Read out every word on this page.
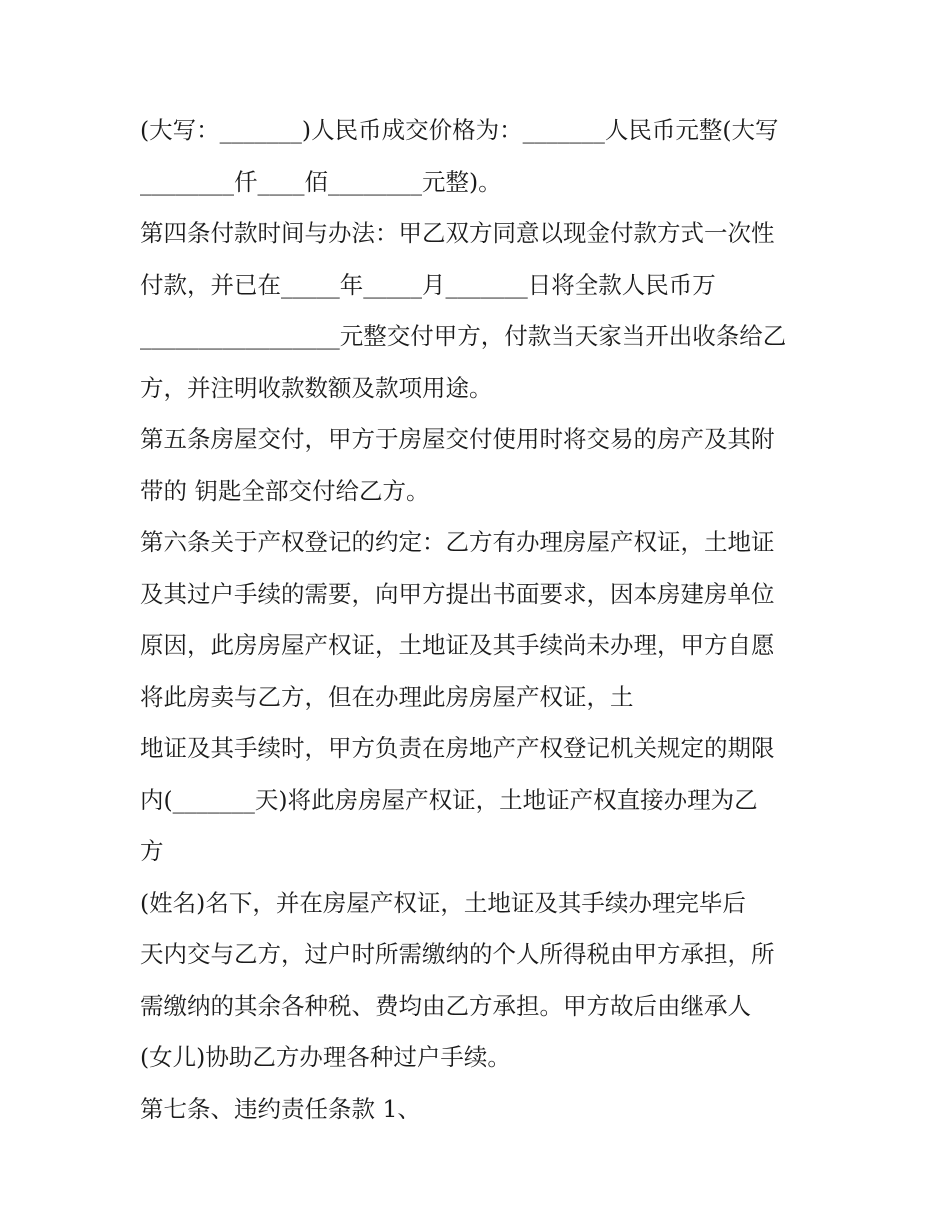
(大写：_______)人民币成交价格为：_______人民币元整(大写
________仟____佰________元整)。
第四条付款时间与办法：甲乙双方同意以现金付款方式一次性
付款，并已在_____年_____月_______日将全款人民币万
_________________元整交付甲方，付款当天家当开出收条给乙
方，并注明收款数额及款项用途。
第五条房屋交付，甲方于房屋交付使用时将交易的房产及其附
带的 钥匙全部交付给乙方。
第六条关于产权登记的约定：乙方有办理房屋产权证，土地证
及其过户手续的需要，向甲方提出书面要求，因本房建房单位
原因，此房房屋产权证，土地证及其手续尚未办理，甲方自愿
将此房卖与乙方，但在办理此房房屋产权证，土
地证及其手续时，甲方负责在房地产产权登记机关规定的期限
内(_______天)将此房房屋产权证，土地证产权直接办理为乙
方
(姓名)名下，并在房屋产权证，土地证及其手续办理完毕后
天内交与乙方，过户时所需缴纳的个人所得税由甲方承担，所
需缴纳的其余各种税、费均由乙方承担。甲方故后由继承人
(女儿)协助乙方办理各种过户手续。
第七条、违约责任条款 1、
